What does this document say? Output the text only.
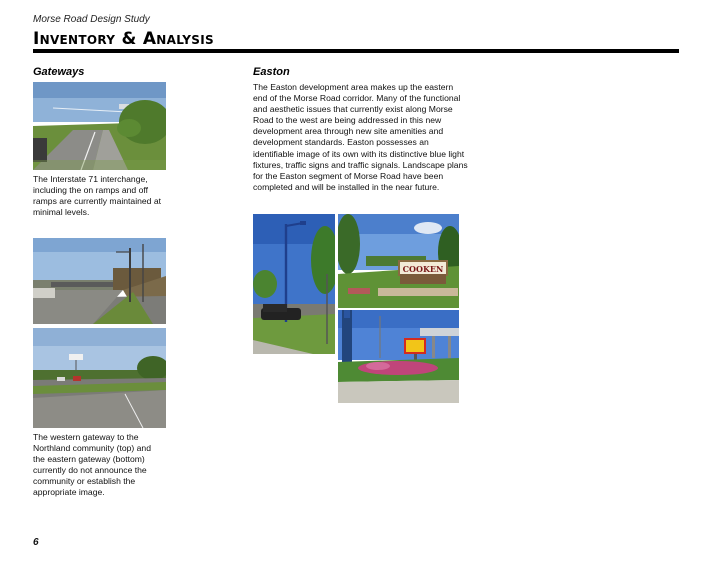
Morse Road Design Study
Inventory & Analysis
Gateways	Easton
The Interstate 71 interchange, including the on ramps and off ramps are currently maintained at minimal levels.
The western gateway to the Northland community (top) and the eastern gateway (bottom) currently do not announce the community or establish the appropriate image.
The Easton development area makes up the eastern end of the Morse Road corridor. Many of the functional and aesthetic issues that currently exist along Morse Road to the west are being addressed in this new development area through new site amenities and development standards. Easton possesses an identifiable image of its own with its distinctive blue light fixtures, traffic signs and traffic signals. Landscape plans for the Easton segment of Morse Road have been completed and will be installed in the near future.
COOKEN
6
